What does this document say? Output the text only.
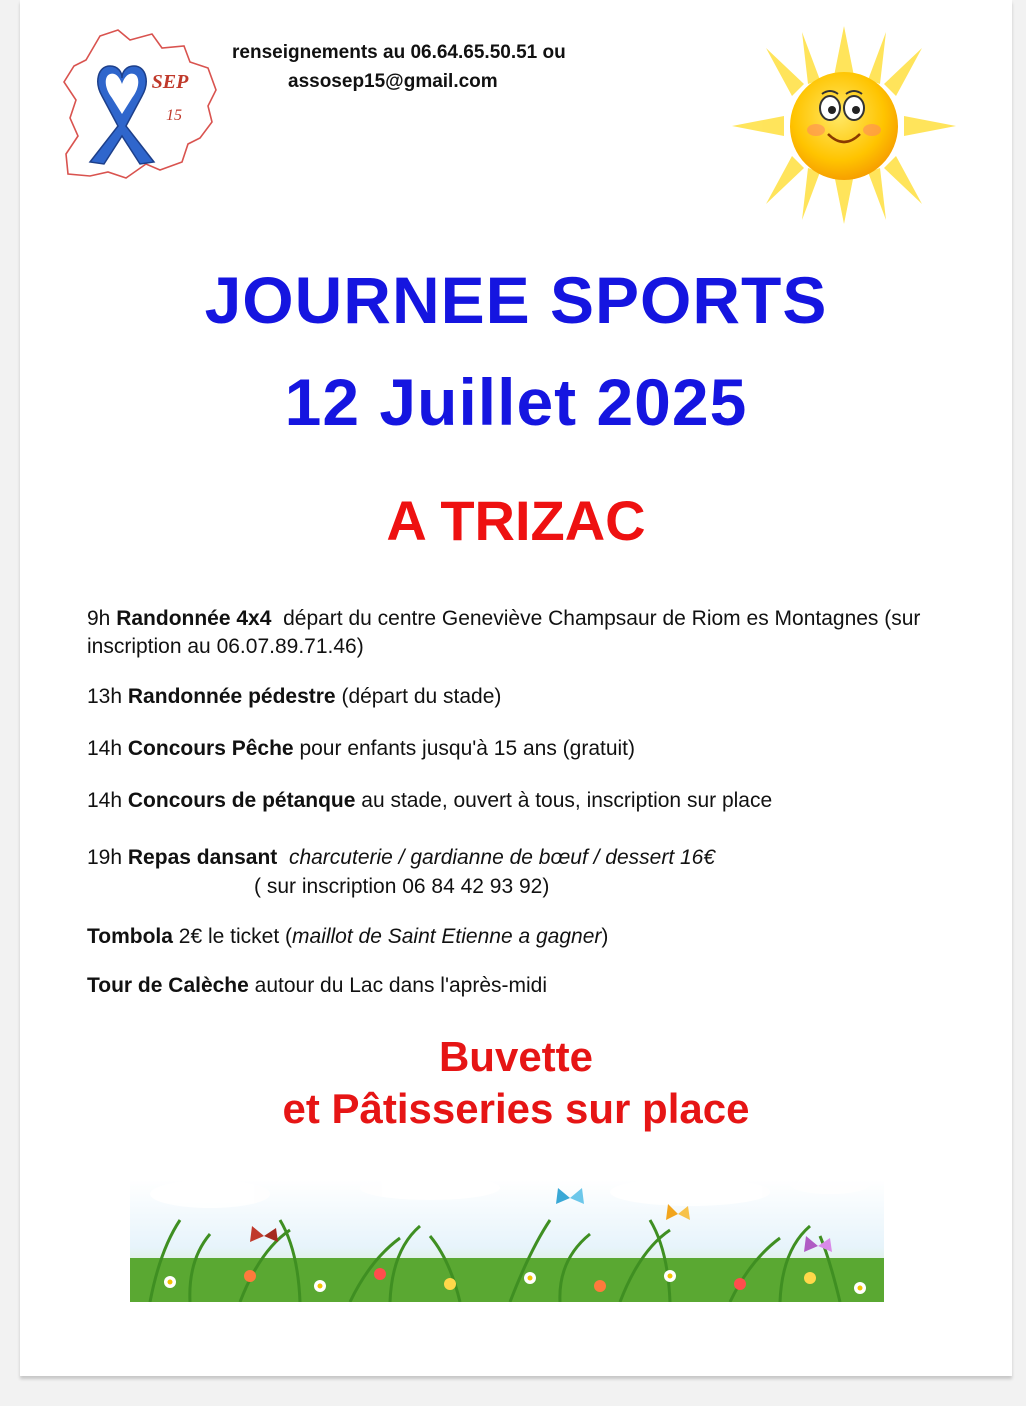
SEP
15
renseignements au 06.64.65.50.51 ou
assosep15@gmail.com
JOURNEE SPORTS
12 Juillet 2025
A TRIZAC
9h Randonnée 4x4 départ du centre Geneviève Champsaur de Riom es Montagnes (sur inscription au 06.07.89.71.46)
13h Randonnée pédestre (départ du stade)
14h Concours Pêche pour enfants jusqu'à 15 ans (gratuit)
14h Concours de pétanque au stade, ouvert à tous, inscription sur place
19h Repas dansant charcuterie / gardianne de bœuf / dessert 16€
( sur inscription 06 84 42 93 92)
Tombola 2€ le ticket (maillot de Saint Etienne a gagner)
Tour de Calèche autour du Lac dans l'après-midi
Buvette
et Pâtisseries sur place
